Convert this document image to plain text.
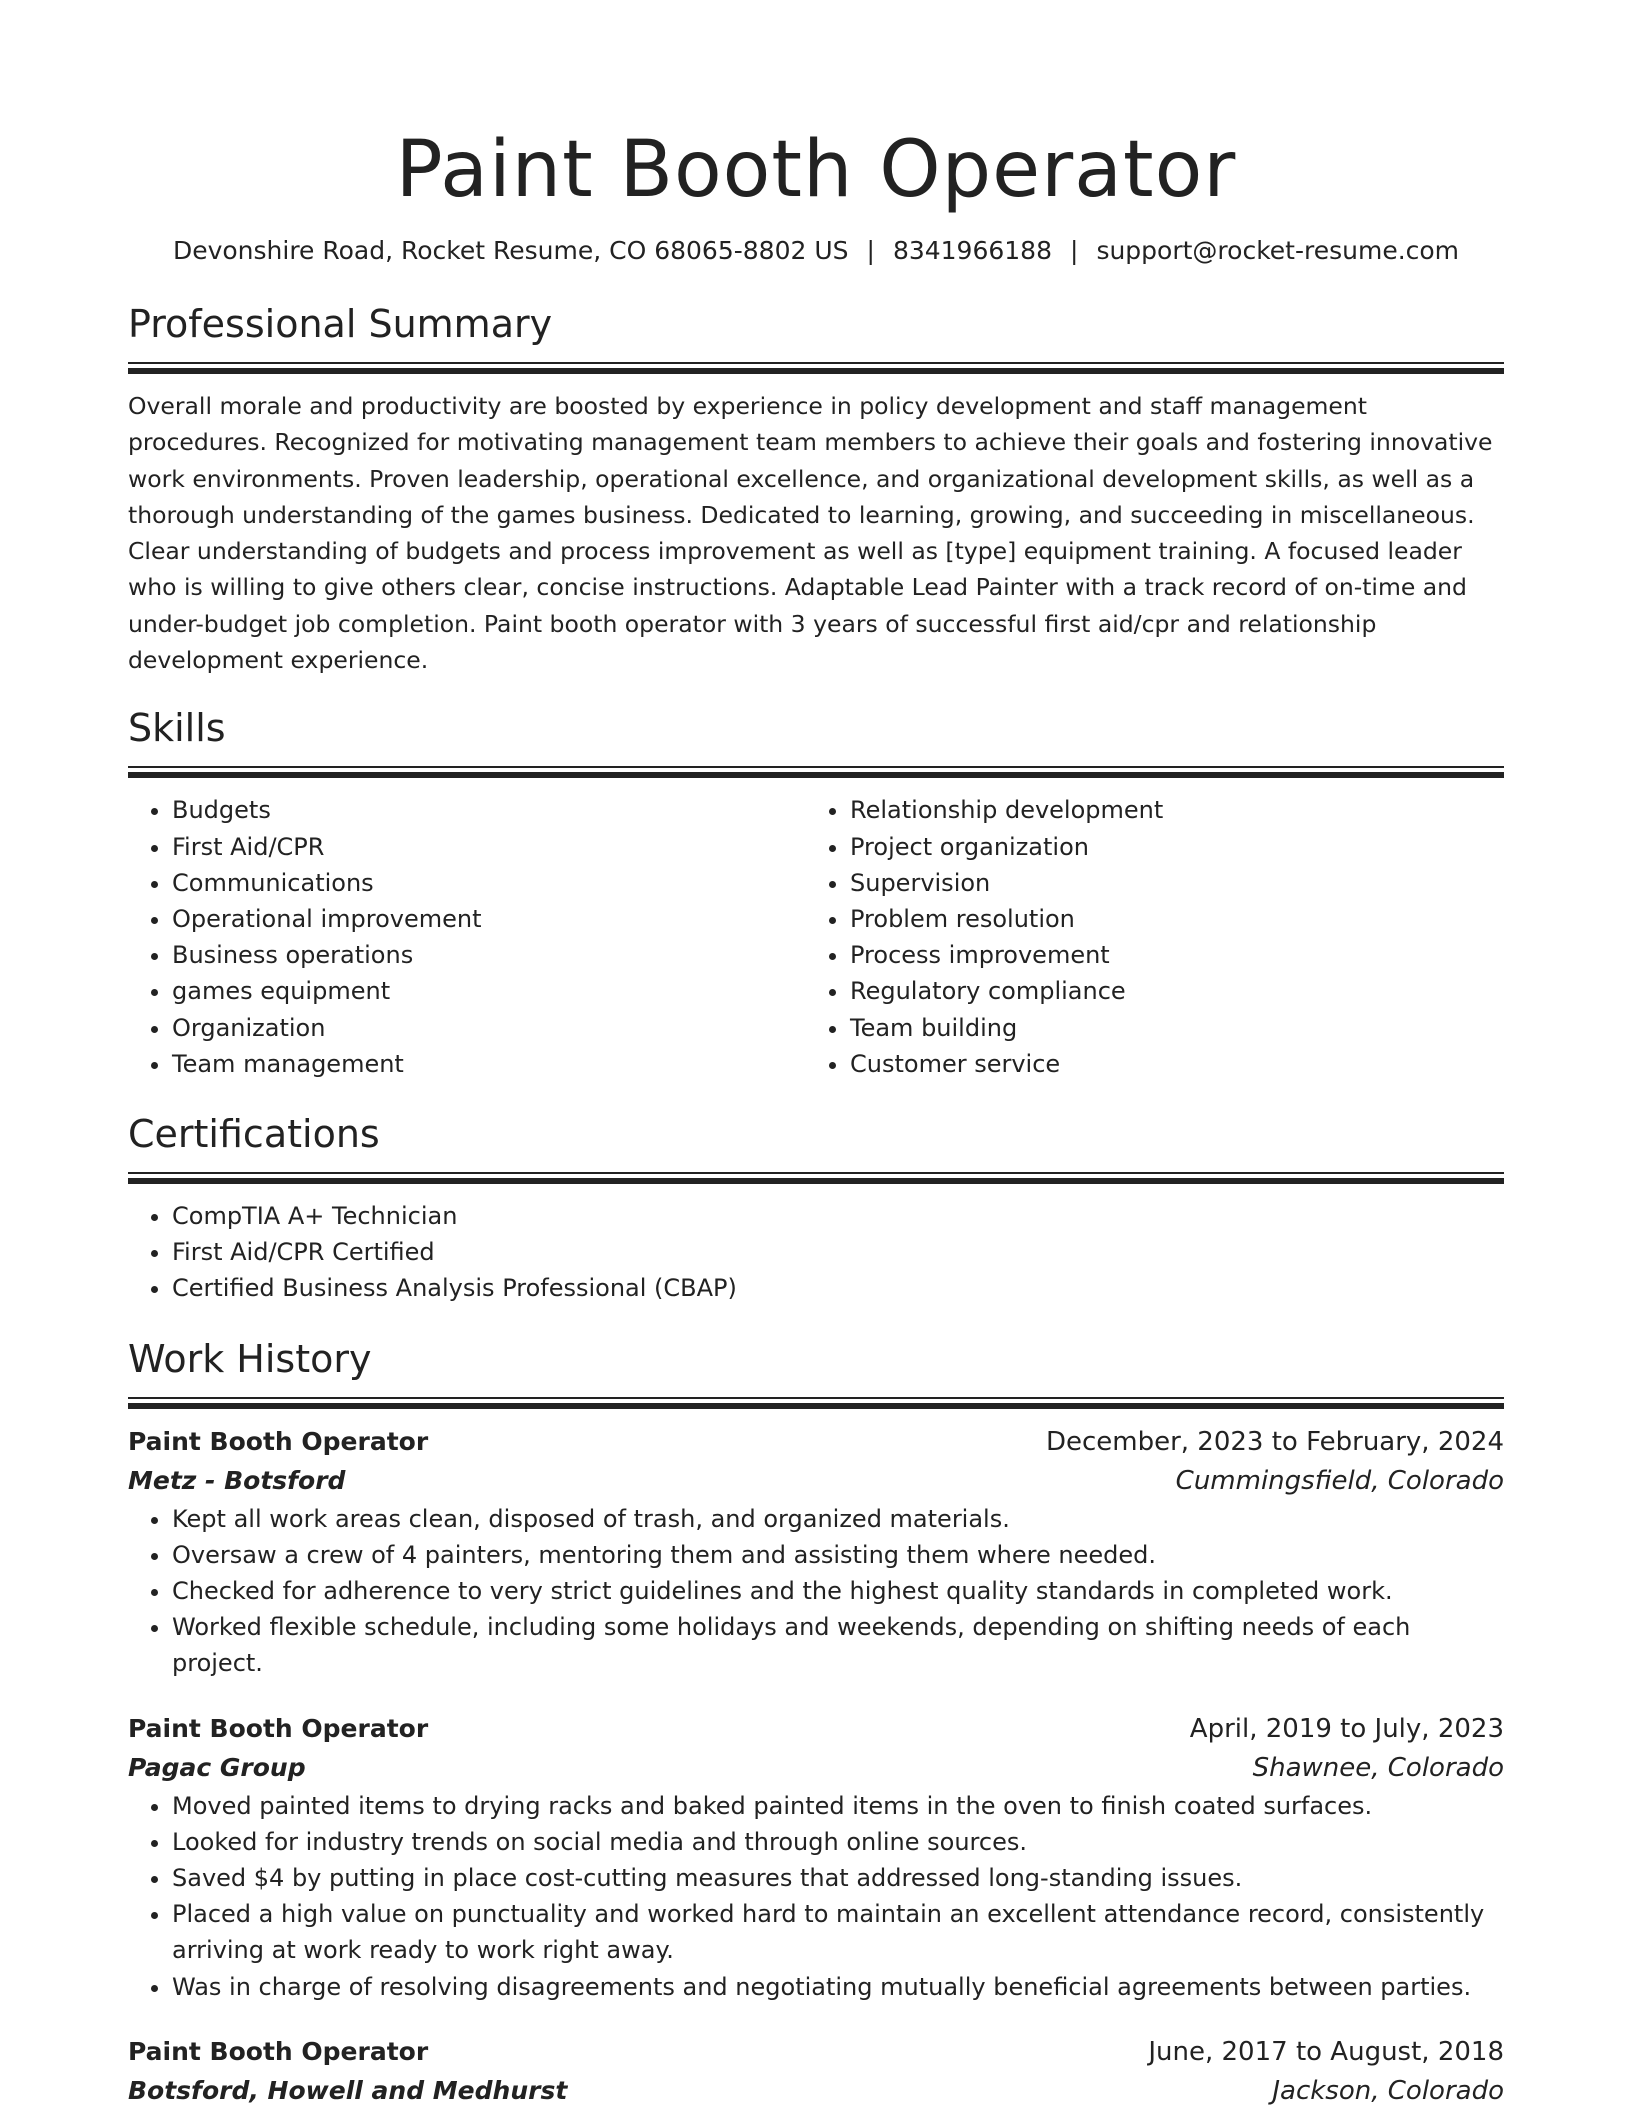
Paint Booth Operator
Devonshire Road, Rocket Resume, CO 68065-8802 US | 8341966188 | support@rocket-resume.com
Professional Summary

Overall morale and productivity are boosted by experience in policy development and staff management procedures. Recognized for motivating management team members to achieve their goals and fostering innovative work environments. Proven leadership, operational excellence, and organizational development skills, as well as a thorough understanding of the games business. Dedicated to learning, growing, and succeeding in miscellaneous. Clear understanding of budgets and process improvement as well as [type] equipment training. A focused leader who is willing to give others clear, concise instructions. Adaptable Lead Painter with a track record of on-time and under-budget job completion. Paint booth operator with 3 years of successful first aid/cpr and relationship development experience.

Skills
• Budgets
• First Aid/CPR
• Communications
• Operational improvement
• Business operations
• games equipment
• Organization
• Team management
• Relationship development
• Project organization
• Supervision
• Problem resolution
• Process improvement
• Regulatory compliance
• Team building
• Customer service
Certifications
• CompTIA A+ Technician
• First Aid/CPR Certified
• Certified Business Analysis Professional (CBAP)
Work History
Paint Booth Operator	December, 2023 to February, 2024
Metz - Botsford	Cummingsfield, Colorado
• Kept all work areas clean, disposed of trash, and organized materials.
• Oversaw a crew of 4 painters, mentoring them and assisting them where needed.
• Checked for adherence to very strict guidelines and the highest quality standards in completed work.
• Worked flexible schedule, including some holidays and weekends, depending on shifting needs of each project.
Paint Booth Operator	April, 2019 to July, 2023
Pagac Group	Shawnee, Colorado
• Moved painted items to drying racks and baked painted items in the oven to finish coated surfaces.
• Looked for industry trends on social media and through online sources.
• Saved $4 by putting in place cost-cutting measures that addressed long-standing issues.
• Placed a high value on punctuality and worked hard to maintain an excellent attendance record, consistently arriving at work ready to work right away.
• Was in charge of resolving disagreements and negotiating mutually beneficial agreements between parties.
Paint Booth Operator	June, 2017 to August, 2018
Botsford, Howell and Medhurst	Jackson, Colorado
